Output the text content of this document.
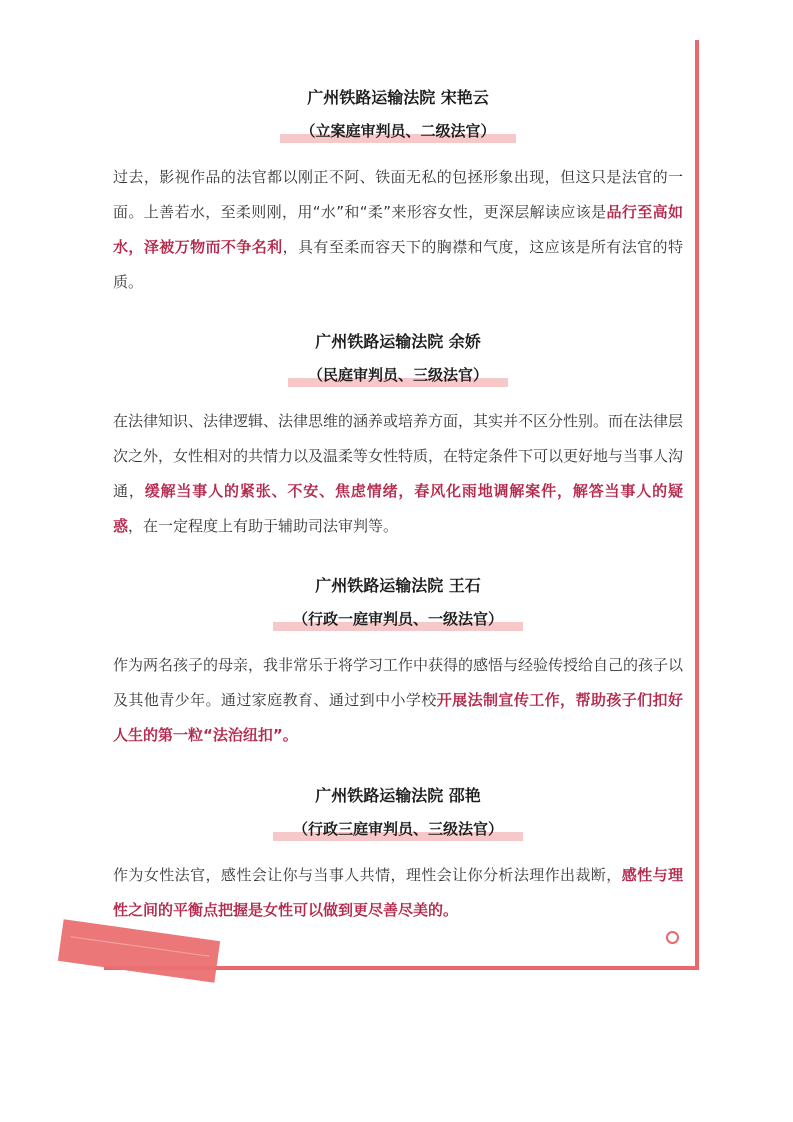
广州铁路运输法院 宋艳云
（立案庭审判员、二级法官）
过去，影视作品的法官都以刚正不阿、铁面无私的包拯形象出现，但这只是法官的一面。上善若水，至柔则刚，用“水”和“柔”来形容女性，更深层解读应该是品行至高如水，泽被万物而不争名利，具有至柔而容天下的胸襟和气度，这应该是所有法官的特质。
广州铁路运输法院 余娇
（民庭审判员、三级法官）
在法律知识、法律逻辑、法律思维的涵养或培养方面，其实并不区分性别。而在法律层次之外，女性相对的共情力以及温柔等女性特质，在特定条件下可以更好地与当事人沟通，缓解当事人的紧张、不安、焦虑情绪，春风化雨地调解案件，解答当事人的疑惑，在一定程度上有助于辅助司法审判等。
广州铁路运输法院 王石
（行政一庭审判员、一级法官）
作为两名孩子的母亲，我非常乐于将学习工作中获得的感悟与经验传授给自己的孩子以及其他青少年。通过家庭教育、通过到中小学校开展法制宣传工作，帮助孩子们扣好人生的第一粒“法治纽扣”。
广州铁路运输法院 邵艳
（行政三庭审判员、三级法官）
作为女性法官，感性会让你与当事人共情，理性会让你分析法理作出裁断，感性与理性之间的平衡点把握是女性可以做到更尽善尽美的。
